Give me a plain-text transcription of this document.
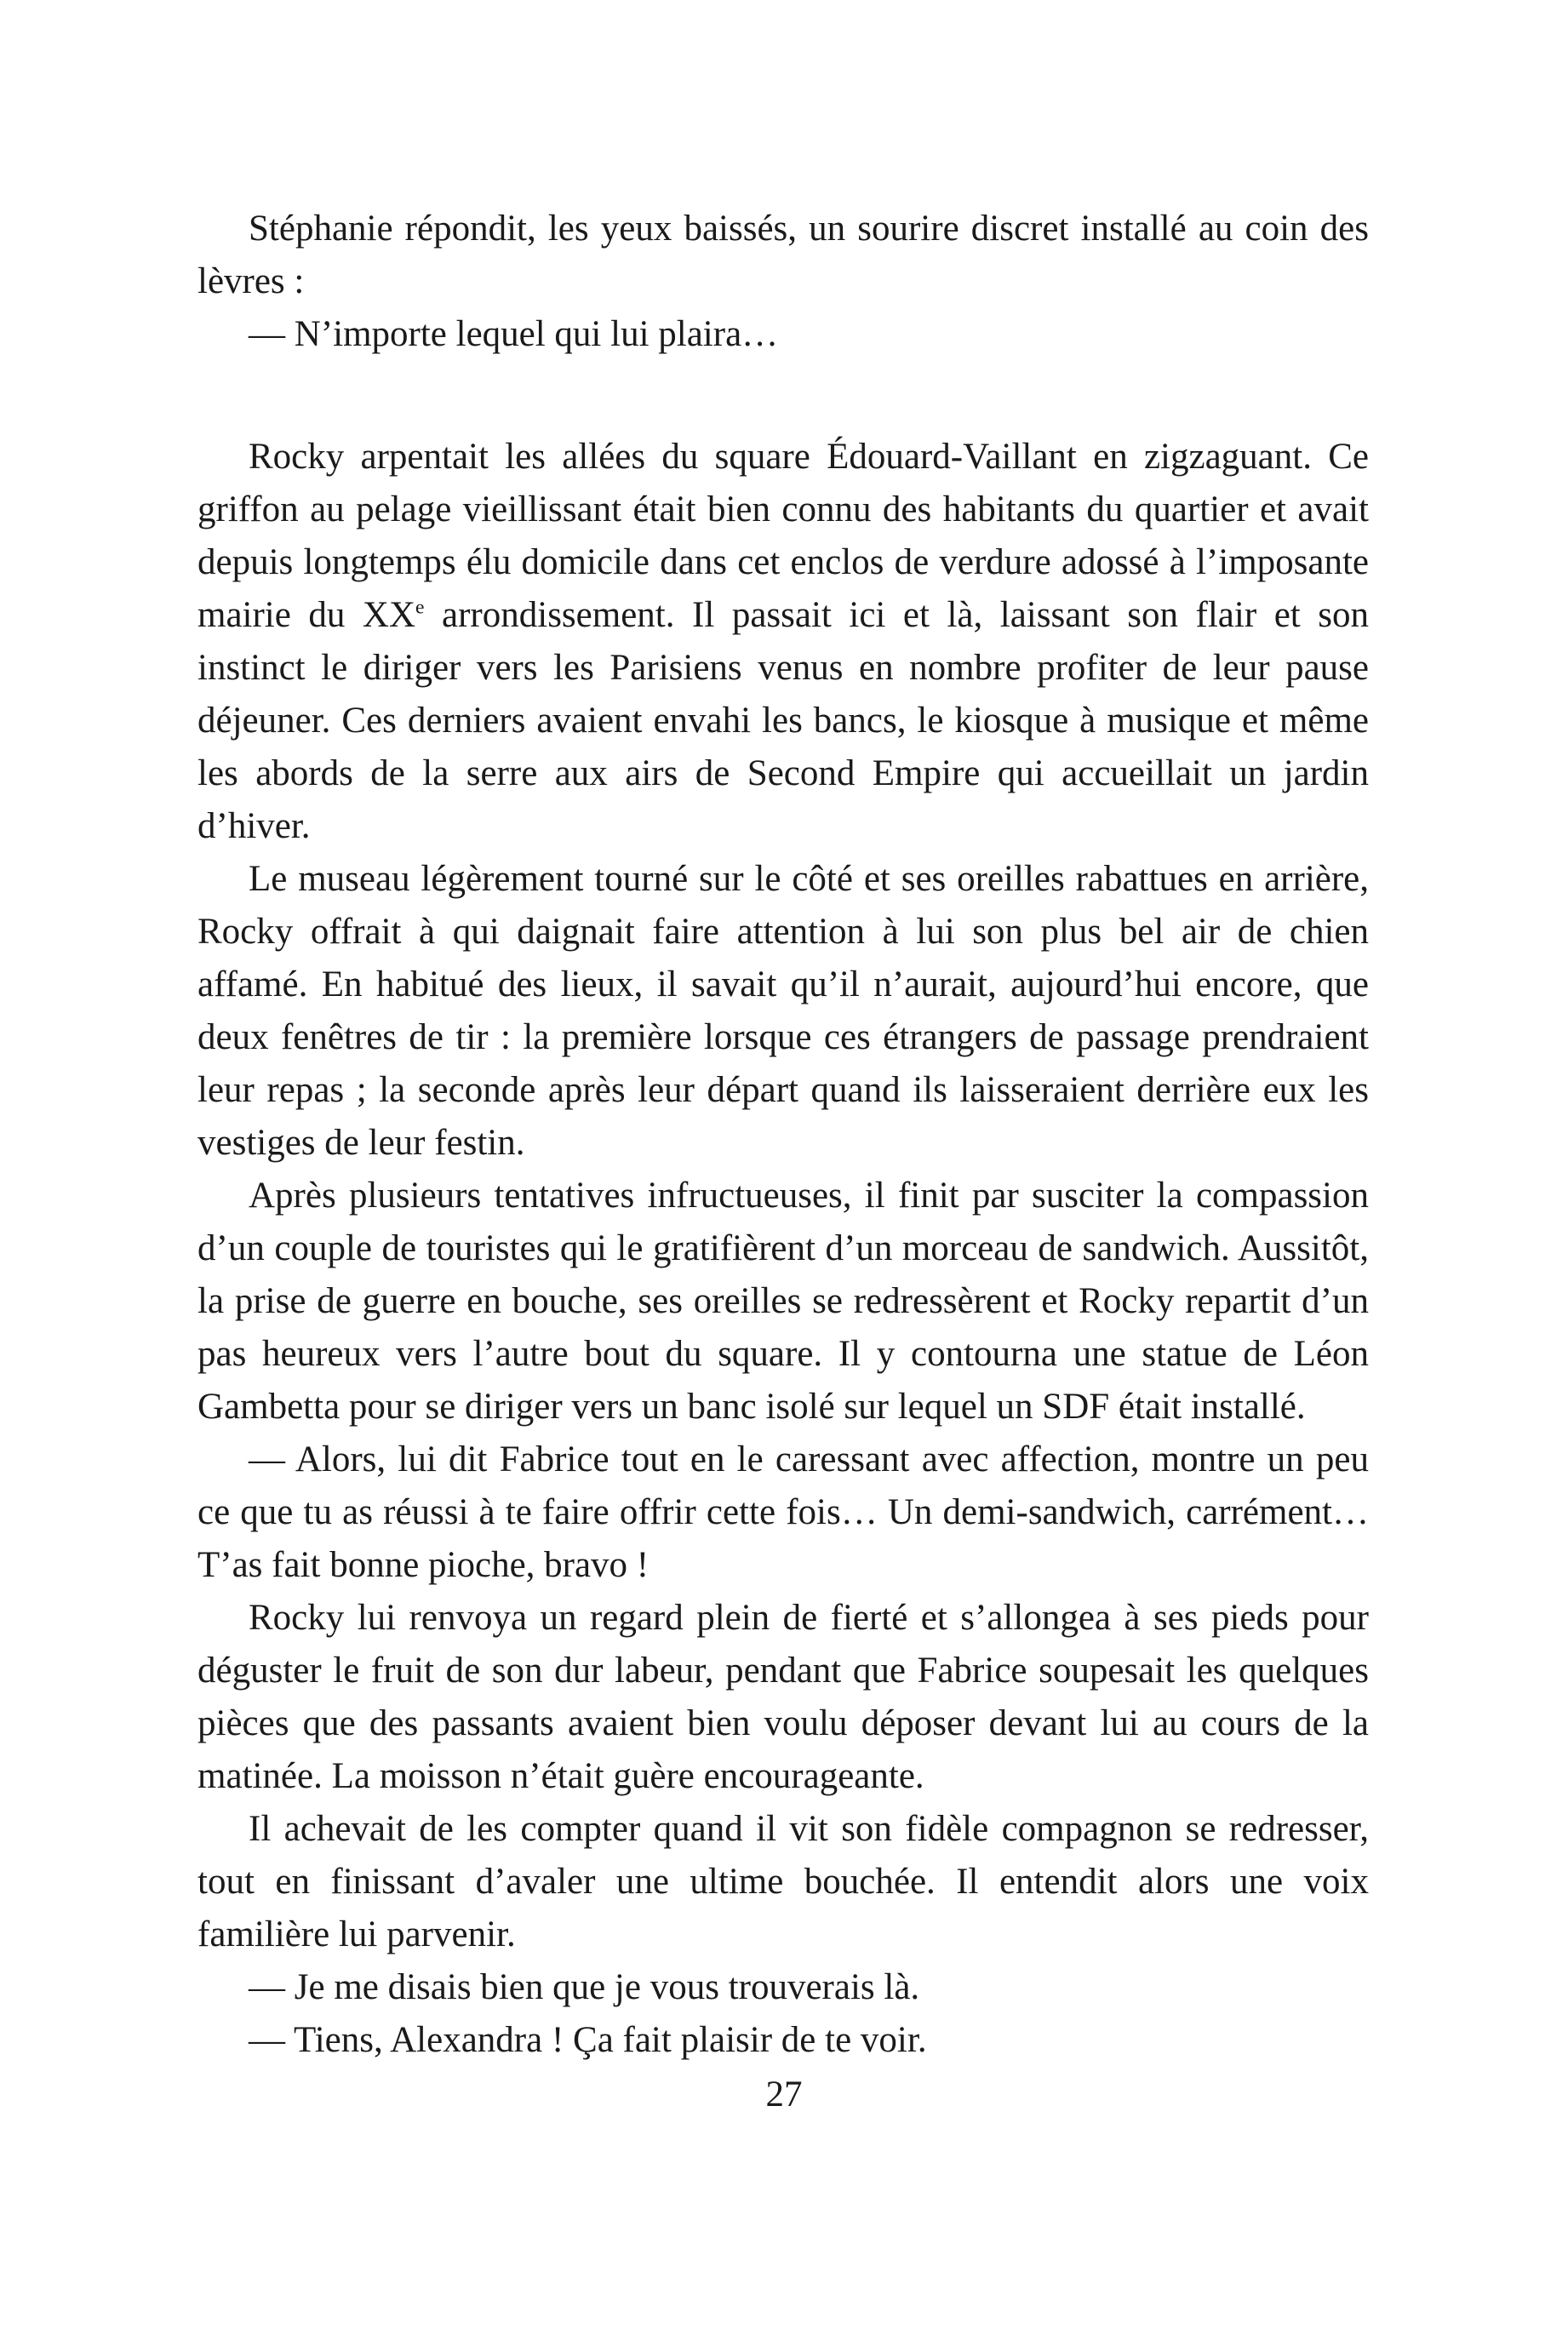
Stéphanie répondit, les yeux baissés, un sourire discret installé au coin des lèvres :

— N’importe lequel qui lui plaira…

Rocky arpentait les allées du square Édouard-Vaillant en zigzaguant. Ce griffon au pelage vieillissant était bien connu des habitants du quartier et avait depuis longtemps élu domicile dans cet enclos de verdure adossé à l’imposante mairie du XXe arrondissement. Il passait ici et là, laissant son flair et son instinct le diriger vers les Parisiens venus en nombre profiter de leur pause déjeuner. Ces derniers avaient envahi les bancs, le kiosque à musique et même les abords de la serre aux airs de Second Empire qui accueillait un jardin d’hiver.

Le museau légèrement tourné sur le côté et ses oreilles rabattues en arrière, Rocky offrait à qui daignait faire attention à lui son plus bel air de chien affamé. En habitué des lieux, il savait qu’il n’aurait, aujourd’hui encore, que deux fenêtres de tir : la première lorsque ces étrangers de passage prendraient leur repas ; la seconde après leur départ quand ils laisseraient derrière eux les vestiges de leur festin.

Après plusieurs tentatives infructueuses, il finit par susciter la compassion d’un couple de touristes qui le gratifièrent d’un morceau de sandwich. Aussitôt, la prise de guerre en bouche, ses oreilles se redressèrent et Rocky repartit d’un pas heureux vers l’autre bout du square. Il y contourna une statue de Léon Gambetta pour se diriger vers un banc isolé sur lequel un SDF était installé.

— Alors, lui dit Fabrice tout en le caressant avec affection, montre un peu ce que tu as réussi à te faire offrir cette fois… Un demi-sandwich, carrément… T’as fait bonne pioche, bravo !

Rocky lui renvoya un regard plein de fierté et s’allongea à ses pieds pour déguster le fruit de son dur labeur, pendant que Fabrice soupesait les quelques pièces que des passants avaient bien voulu déposer devant lui au cours de la matinée. La moisson n’était guère encourageante.

Il achevait de les compter quand il vit son fidèle compagnon se redresser, tout en finissant d’avaler une ultime bouchée. Il entendit alors une voix familière lui parvenir.

— Je me disais bien que je vous trouverais là.

— Tiens, Alexandra ! Ça fait plaisir de te voir.

27
